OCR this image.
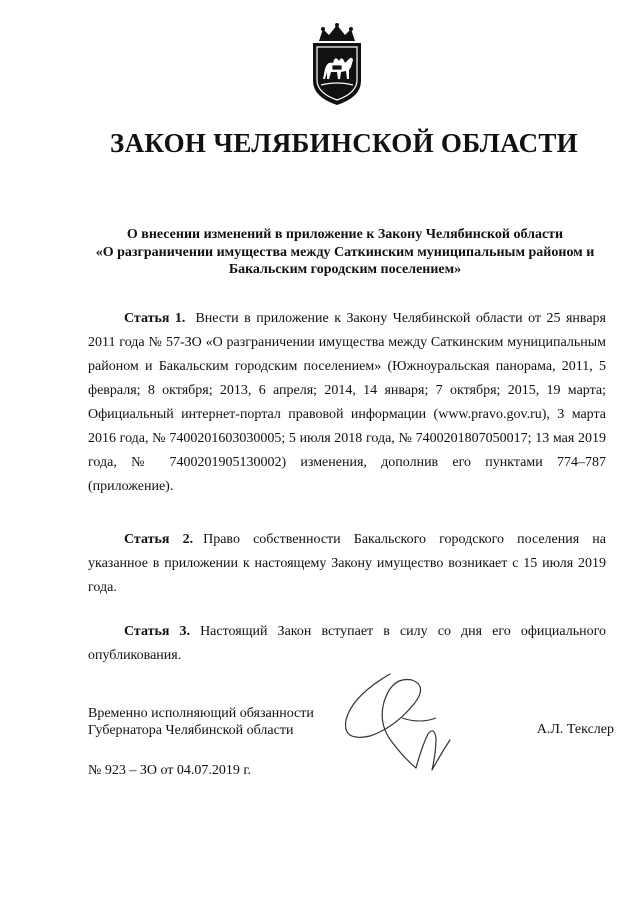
ЗАКОН ЧЕЛЯБИНСКОЙ ОБЛАСТИ
О внесении изменений в приложение к Закону Челябинской области
«О разграничении имущества между Саткинским муниципальным районом и
Бакальским городским поселением»
Статья 1. Внести в приложение к Закону Челябинской области от 25 января 2011 года № 57-ЗО «О разграничении имущества между Саткинским муниципальным районом и Бакальским городским поселением» (Южноуральская панорама, 2011, 5 февраля; 8 октября; 2013, 6 апреля; 2014, 14 января; 7 октября; 2015, 19 марта; Официальный интернет-портал правовой информации (www.pravo.gov.ru), 3 марта 2016 года, № 7400201603030005; 5 июля 2018 года, № 7400201807050017; 13 мая 2019 года, № 7400201905130002) изменения, дополнив его пунктами 774–787 (приложение).
Статья 2. Право собственности Бакальского городского поселения на указанное в приложении к настоящему Закону имущество возникает с 15 июля 2019 года.
Статья 3. Настоящий Закон вступает в силу со дня его официального опубликования.
Временно исполняющий обязанности
Губернатора Челябинской области	А.Л. Текслер
№ 923 – ЗО от 04.07.2019 г.
